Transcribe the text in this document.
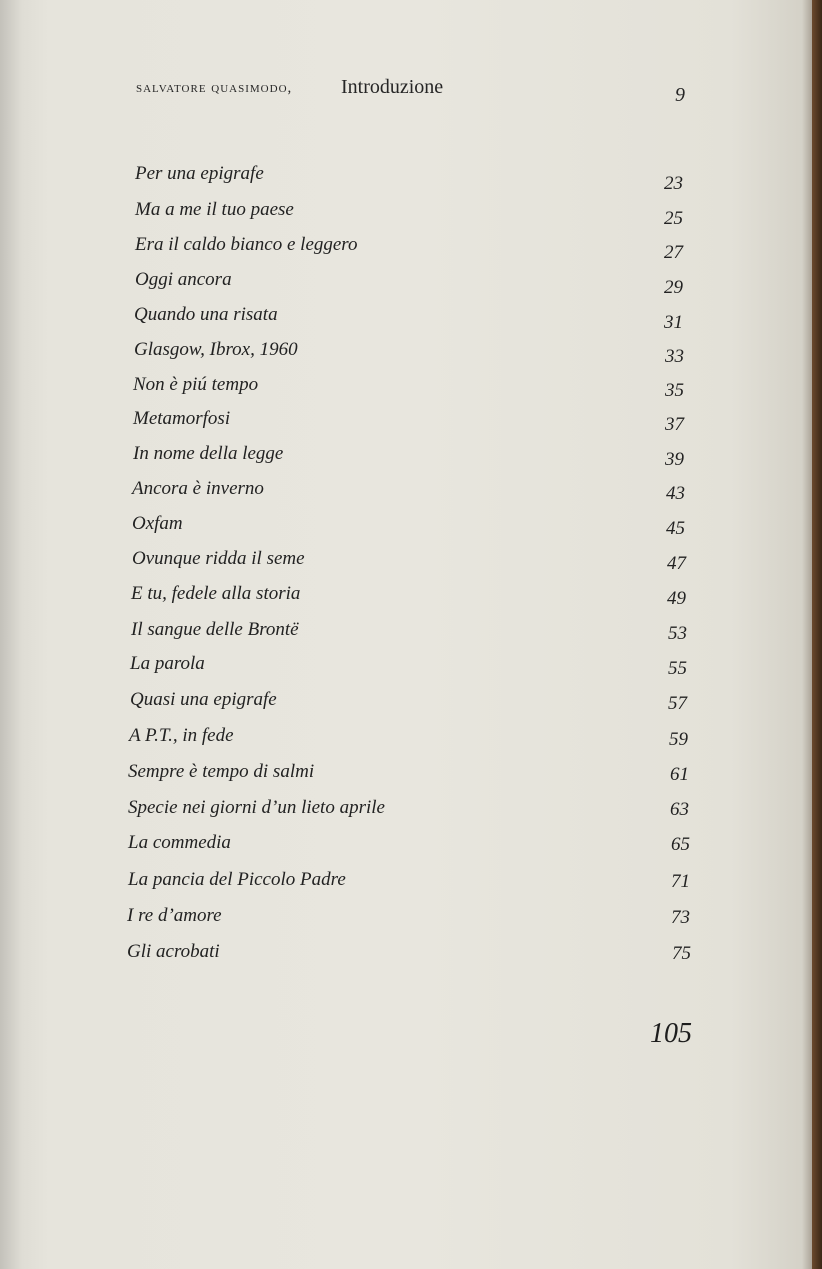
salvatore quasimodo, Introduzione	9
Per una epigrafe	23
Ma a me il tuo paese	25
Era il caldo bianco e leggero	27
Oggi ancora	29
Quando una risata	31
Glasgow, Ibrox, 1960	33
Non è piú tempo	35
Metamorfosi	37
In nome della legge	39
Ancora è inverno	43
Oxfam	45
Ovunque ridda il seme	47
E tu, fedele alla storia	49
Il sangue delle Brontë	53
La parola	55
Quasi una epigrafe	57
A P.T., in fede	59
Sempre è tempo di salmi	61
Specie nei giorni d’un lieto aprile	63
La commedia	65
La pancia del Piccolo Padre	71
I re d’amore	73
Gli acrobati	75
105
